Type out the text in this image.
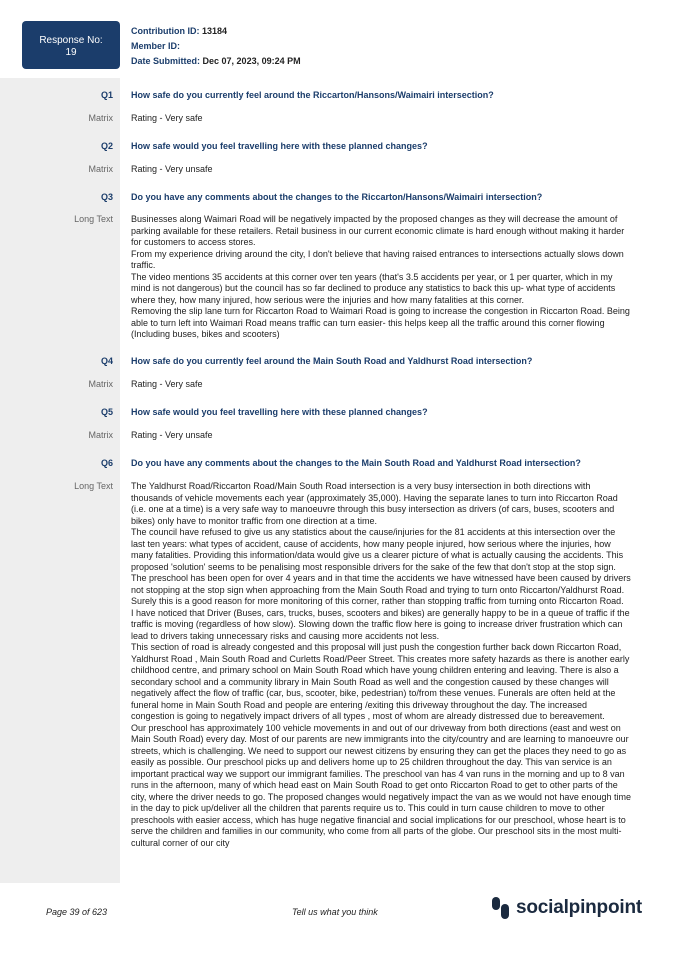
Response No:
19
Contribution ID: 13184
Member ID:
Date Submitted: Dec 07, 2023, 09:24 PM
Q1 How safe do you currently feel around the Riccarton/Hansons/Waimairi intersection?
Matrix Rating - Very safe
Q2 How safe would you feel travelling here with these planned changes?
Matrix Rating - Very unsafe
Q3 Do you have any comments about the changes to the Riccarton/Hansons/Waimairi intersection?
Long Text Businesses along Waimari Road will be negatively impacted by the proposed changes as they will decrease the amount of parking available for these retailers. Retail business in our current economic climate is hard enough without making it harder for customers to access stores.

From my experience driving around the city, I don't believe that having raised entrances to intersections actually slows down traffic.

The video mentions 35 accidents at this corner over ten years (that's 3.5 accidents per year, or 1 per quarter, which in my mind is not dangerous) but the council has so far declined to produce any statistics to back this up- what type of accidents where they, how many injured, how serious were the injuries and how many fatalities at this corner.

Removing the slip lane turn for Riccarton Road to Waimari Road is going to increase the congestion in Riccarton Road. Being able to turn left into Waimari Road means traffic can turn easier- this helps keep all the traffic around this corner flowing (Including buses, bikes and scooters)

Q4 How safe do you currently feel around the Main South Road and Yaldhurst Road intersection?
Matrix Rating - Very safe
Q5 How safe would you feel travelling here with these planned changes?
Matrix Rating - Very unsafe
Q6 Do you have any comments about the changes to the Main South Road and Yaldhurst Road intersection?
Long Text The Yaldhurst Road/Riccarton Road/Main South Road intersection is a very busy intersection in both directions with thousands of vehicle movements each year (approximately 35,000). Having the separate lanes to turn into Riccarton Road (i.e. one at a time) is a very safe way to manoeuvre through this busy intersection as drivers (of cars, buses, scooters and bikes) only have to monitor traffic from one direction at a time.

The council have refused to give us any statistics about the cause/injuries for the 81 accidents at this intersection over the last ten years: what types of accident, cause of accidents, how many people injured, how serious where the injuries, how many fatalities. Providing this information/data would give us a clearer picture of what is actually causing the accidents. This proposed 'solution' seems to be penalising most responsible drivers for the sake of the few that don't stop at the stop sign. The preschool has been open for over 4 years and in that time the accidents we have witnessed have been caused by drivers not stopping at the stop sign when approaching from the Main South Road and trying to turn onto Riccarton/Yaldhurst Road. Surely this is a good reason for more monitoring of this corner, rather than stopping traffic from turning onto Riccarton Road.

I have noticed that Driver (Buses, cars, trucks, buses, scooters and bikes) are generally happy to be in a queue of traffic if the traffic is moving (regardless of how slow). Slowing down the traffic flow here is going to increase driver frustration which can lead to drivers taking unnecessary risks and causing more accidents not less.

This section of road is already congested and this proposal will just push the congestion further back down Riccarton Road, Yaldhurst Road , Main South Road and Curletts Road/Peer Street. This creates more safety hazards as there is another early childhood centre, and primary school on Main South Road which have young children entering and leaving. There is also a secondary school and a community library in Main South Road as well and the congestion caused by these changes will negatively affect the flow of traffic (car, bus, scooter, bike, pedestrian) to/from these venues. Funerals are often held at the funeral home in Main South Road and people are entering /exiting this driveway throughout the day. The increased congestion is going to negatively impact drivers of all types , most of whom are already distressed due to bereavement.

Our preschool has approximately 100 vehicle movements in and out of our driveway from both directions (east and west on Main South Road) every day. Most of our parents are new immigrants into the city/country and are learning to manoeuvre our streets, which is challenging. We need to support our newest citizens by ensuring they can get the places they need to go as easily as possible. Our preschool picks up and delivers home up to 25 children throughout the day. This van service is an important practical way we support our immigrant families. The preschool van has 4 van runs in the morning and up to 8 van runs in the afternoon, many of which head east on Main South Road to get onto Riccarton Road to get to other parts of the city, where the driver needs to go. The proposed changes would negatively impact the van as we would not have enough time in the day to pick up/deliver all the children that parents require us to. This could in turn cause children to move to other preschools with easier access, which has huge negative financial and social implications for our preschool, whose heart is to serve the children and families in our community, who come from all parts of the globe. Our preschool sits in the most multi-cultural corner of our city

Page 39 of 623	Tell us what you think	socialpinpoint
